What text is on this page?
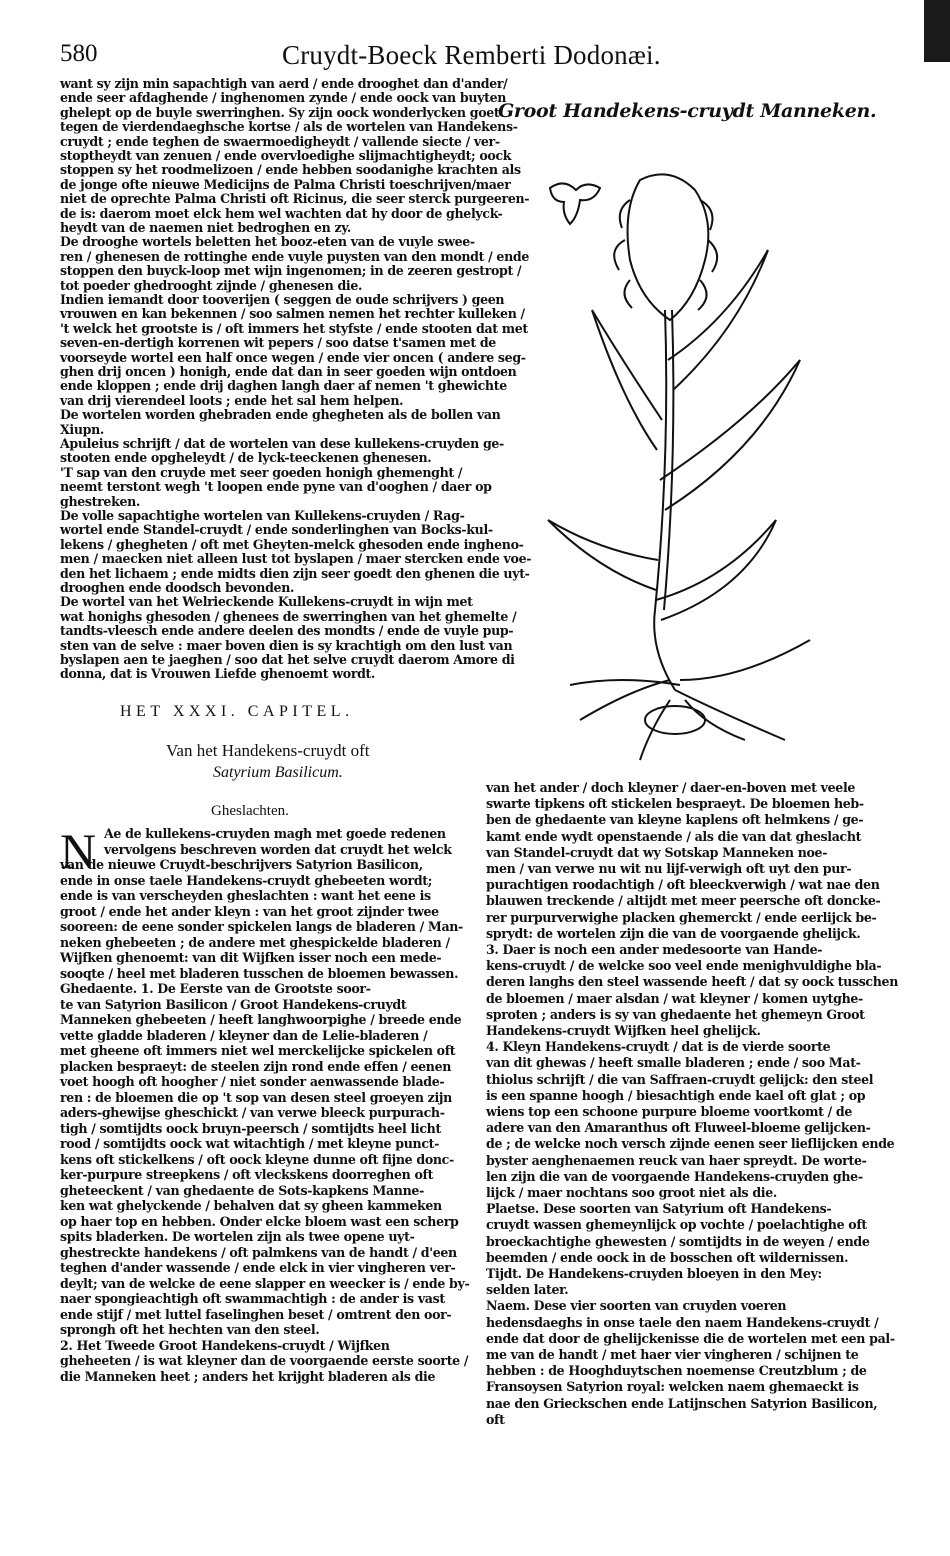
580	Cruydt-Boeck Remberti Dodonæi.
want sy zijn min sapachtigh van aerd / ende drooghet dan d'ander/
ende seer afdaghende / inghenomen zynde / ende oock van buyten
ghelept op de buyle swerringhen. Sy zijn oock wonderlycken goet
tegen de vierdendaeghsche kortse / als de wortelen van Handekens-
cruydt ; ende teghen de swaermoedigheydt / vallende siecte / ver-
stoptheydt van zenuen / ende overvloedighe slijmachtigheydt; oock
stoppen sy het roodmelizoen / ende hebben soodanighe krachten als
de jonge ofte nieuwe Medicijns de Palma Christi toeschrijven/maer
niet de oprechte Palma Christi oft Ricinus, die seer sterck purgeeren-
de is: daerom moet elck hem wel wachten dat hy door de ghelyck-
heydt van de naemen niet bedroghen en zy.
De drooghe wortels beletten het booz-eten van de vuyle swee-
ren / ghenesen de rottinghe ende vuyle puysten van den mondt / ende
stoppen den buyck-loop met wijn ingenomen; in de zeeren gestropt /
tot poeder ghedrooght zijnde / ghenesen die.
Indien iemandt door tooverijen ( seggen de oude schrijvers ) geen
vrouwen en kan bekennen / soo salmen nemen het rechter kulleken /
't welck het grootste is / oft immers het styfste / ende stooten dat met
seven-en-dertigh korrenen wit pepers / soo datse t'samen met de
voorseyde wortel een half once wegen / ende vier oncen ( andere seg-
ghen drij oncen ) honigh, ende dat dan in seer goeden wijn ontdoen
ende kloppen ; ende drij daghen langh daer af nemen 't ghewichte
van drij vierendeel loots ; ende het sal hem helpen.
De wortelen worden ghebraden ende ghegheten als de bollen van
Xiupn.
Apuleius schrijft / dat de wortelen van dese kullekens-cruyden ge-
stooten ende opgheleydt / de lyck-teeckenen ghenesen.
'T sap van den cruyde met seer goeden honigh ghemenght /
neemt terstont wegh 't loopen ende pyne van d'ooghen / daer op
ghestreken.
De volle sapachtighe wortelen van Kullekens-cruyden / Rag-
wortel ende Standel-cruydt / ende sonderlinghen van Bocks-kul-
lekens / ghegheten / oft met Gheyten-melck ghesoden ende ingheno-
men / maecken niet alleen lust tot byslapen / maer stercken ende voe-
den het lichaem ; ende midts dien zijn seer goedt den ghenen die uyt-
drooghen ende doodsch bevonden.
De wortel van het Welrieckende Kullekens-cruydt in wijn met
wat honighs ghesoden / ghenees de swerringhen van het ghemelte /
tandts-vleesch ende andere deelen des mondts / ende de vuyle pup-
sten van de selve : maer boven dien is sy krachtigh om den lust van
byslapen aen te jaeghen / soo dat het selve cruydt daerom Amore di
donna, dat is Vrouwen Liefde ghenoemt wordt.
HET XXXI. CAPITEL.
Van het Handekens-cruydt oft
Satyrium Basilicum.
Gheslachten.
N Ae de kullekens-cruyden magh met goede redenen
vervolgens beschreven worden dat cruydt het welck
van de nieuwe Cruydt-beschrijvers Satyrion Basilicon,
ende in onse taele Handekens-cruydt ghebeeten wordt;
ende is van verscheyden gheslachten : want het eene is
groot / ende het ander kleyn : van het groot zijnder twee
sooreen: de eene sonder spickelen langs de bladeren / Man-
neken ghebeeten ; de andere met ghespickelde bladeren /
Wijfken ghenoemt: van dit Wijfken isser noch een mede-
sooqte / heel met bladeren tusschen de bloemen bewassen.
Ghedaente. 1. De Eerste van de Grootste soor-
te van Satyrion Basilicon / Groot Handekens-cruydt
Manneken ghebeeten / heeft langhwoorpighe / breede ende
vette gladde bladeren / kleyner dan de Lelie-bladeren /
met gheene oft immers niet wel merckelijcke spickelen oft
placken bespraeyt: de steelen zijn rond ende effen / eenen
voet hoogh oft hoogher / niet sonder aenwassende blade-
ren : de bloemen die op 't sop van desen steel groeyen zijn
aders-ghewijse gheschickt / van verwe bleeck purpurach-
tigh / somtijdts oock bruyn-peersch / somtijdts heel licht
rood / somtijdts oock wat witachtigh / met kleyne punct-
kens oft stickelkens / oft oock kleyne dunne oft fijne donc-
ker-purpure streepkens / oft vleckskens doorreghen oft
gheteeckent / van ghedaente de Sots-kapkens Manne-
ken wat ghelyckende / behalven dat sy gheen kammeken
op haer top en hebben. Onder elcke bloem wast een scherp
spits bladerken. De wortelen zijn als twee opene uyt-
ghestreckte handekens / oft palmkens van de handt / d'een
teghen d'ander wassende / ende elck in vier vingheren ver-
deylt; van de welcke de eene slapper en weecker is / ende by-
naer spongieachtigh oft swammachtigh : de ander is vast
ende stijf / met luttel faselinghen beset / omtrent den oor-
sprongh oft het hechten van den steel.
2. Het Tweede Groot Handekens-cruydt / Wijfken
gheheeten / is wat kleyner dan de voorgaende eerste soorte /
die Manneken heet ; anders het krijght bladeren als die
Groot Handekens-cruydt Manneken.
van het ander / doch kleyner / daer-en-boven met veele
swarte tipkens oft stickelen bespraeyt. De bloemen heb-
ben de ghedaente van kleyne kaplens oft helmkens / ge-
kamt ende wydt openstaende / als die van dat gheslacht
van Standel-cruydt dat wy Sotskap Manneken noe-
men / van verwe nu wit nu lijf-verwigh oft uyt den pur-
purachtigen roodachtigh / oft bleeckverwigh / wat nae den
blauwen treckende / altijdt met meer peersche oft doncke-
rer purpurverwighe placken ghemerckt / ende eerlijck be-
sprydt: de wortelen zijn die van de voorgaende ghelijck.
3. Daer is noch een ander medesoorte van Hande-
kens-cruydt / de welcke soo veel ende menighvuldighe bla-
deren langhs den steel wassende heeft / dat sy oock tusschen
de bloemen / maer alsdan / wat kleyner / komen uytghe-
sproten ; anders is sy van ghedaente het ghemeyn Groot
Handekens-cruydt Wijfken heel ghelijck.
4. Kleyn Handekens-cruydt / dat is de vierde soorte
van dit ghewas / heeft smalle bladeren ; ende / soo Mat-
thiolus schrijft / die van Saffraen-cruydt gelijck: den steel
is een spanne hoogh / biesachtigh ende kael oft glat ; op
wiens top een schoone purpure bloeme voortkomt / de
adere van den Amaranthus oft Fluweel-bloeme gelijcken-
de ; de welcke noch versch zijnde eenen seer lieflijcken ende
byster aenghenaemen reuck van haer spreydt. De worte-
len zijn die van de voorgaende Handekens-cruyden ghe-
lijck / maer nochtans soo groot niet als die.
Plaetse. Dese soorten van Satyrium oft Handekens-
cruydt wassen ghemeynlijck op vochte / poelachtighe oft
broeckachtighe ghewesten / somtijdts in de weyen / ende
beemden / ende oock in de bosschen oft wildernissen.
Tijdt. De Handekens-cruyden bloeyen in den Mey:
selden later.
Naem. Dese vier soorten van cruyden voeren
hedensdaeghs in onse taele den naem Handekens-cruydt /
ende dat door de ghelijckenisse die de wortelen met een pal-
me van de handt / met haer vier vingheren / schijnen te
hebben : de Hooghduytschen noemense Creutzblum ; de
Fransoysen Satyrion royal: welcken naem ghemaeckt is
nae den Grieckschen ende Latijnschen Satyrion Basilicon,
oft
